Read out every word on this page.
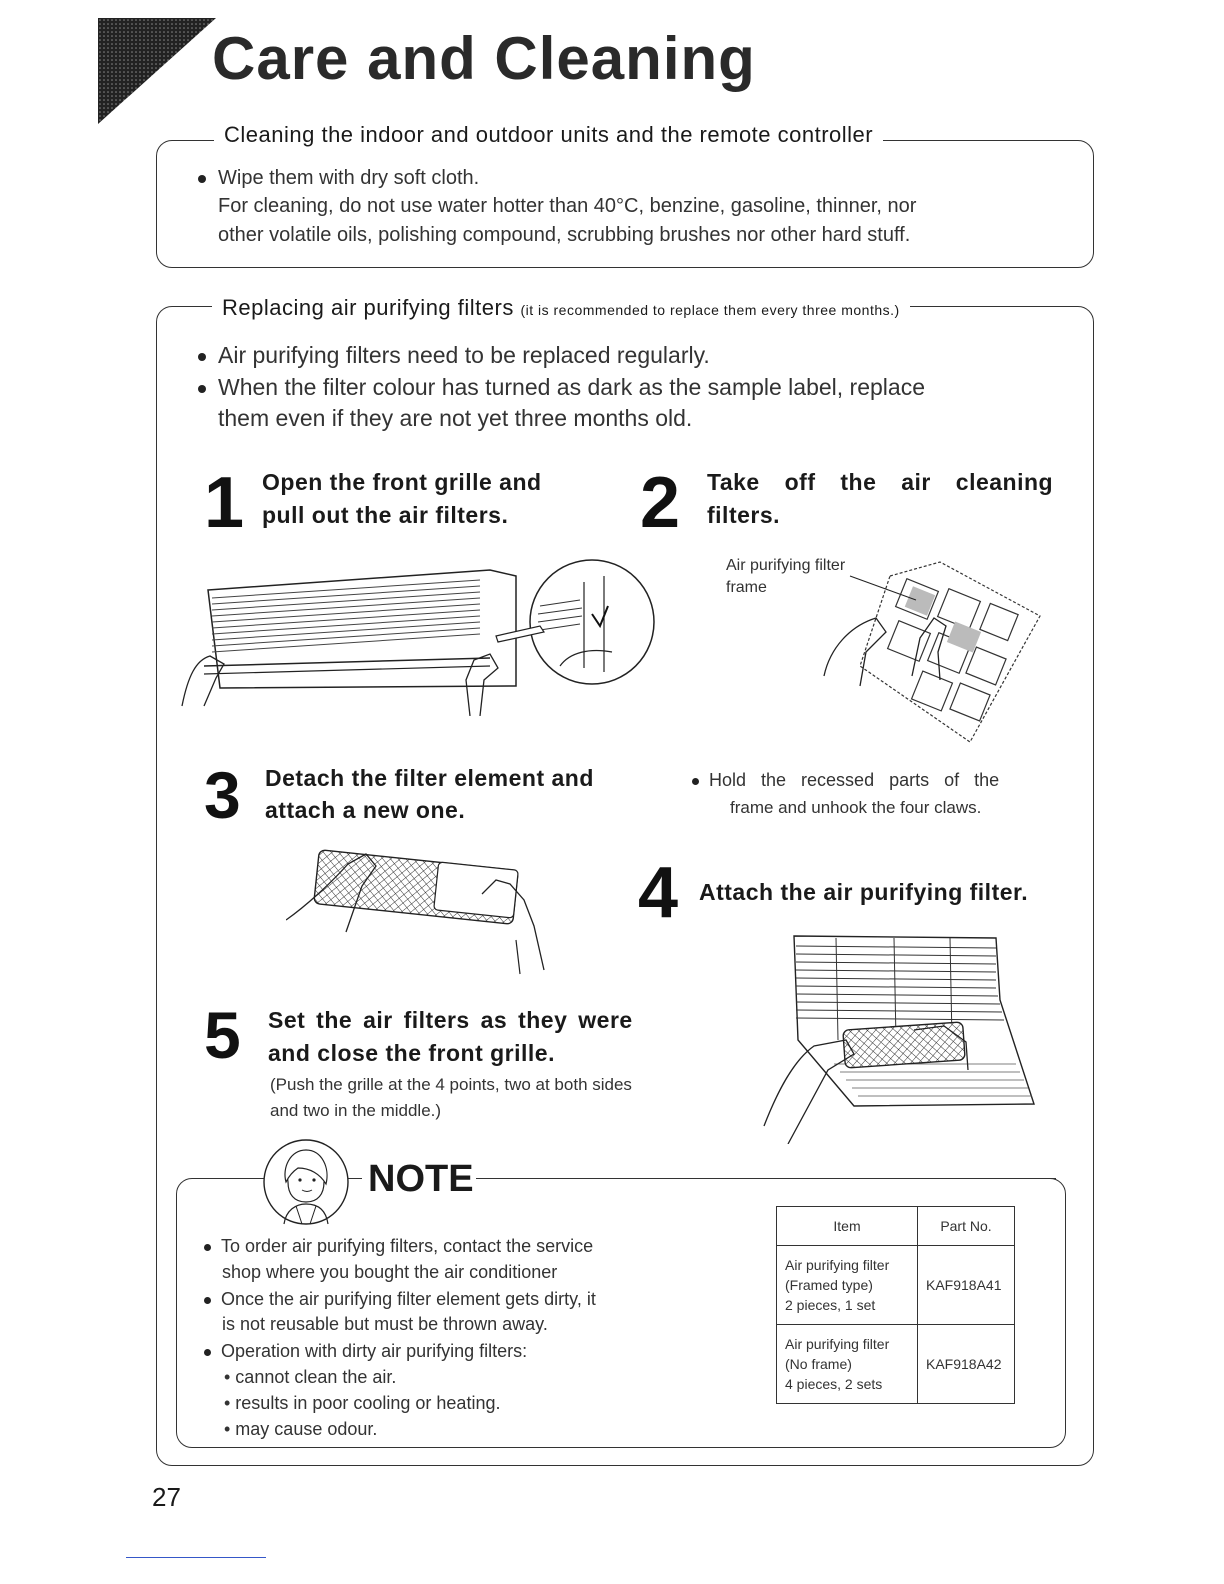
Care and Cleaning
Cleaning the indoor and outdoor units and the remote controller
Wipe them with dry soft cloth.
For cleaning, do not use water hotter than 40°C, benzine, gasoline, thinner, nor
other volatile oils, polishing compound, scrubbing brushes nor other hard stuff.
Replacing air purifying filters (it is recommended to replace them every three months.)
Air purifying filters need to be replaced regularly.
When the filter colour has turned as dark as the sample label, replace
them even if they are not yet three months old.
1 Open the front grille and
pull out the air filters. 2 Take off the air cleaning
filters.
Air purifying filter
frame
3 Detach the filter element and
attach a new one.
Hold the recessed parts of the
frame and unhook the four claws.
4 Attach the air purifying filter.
5 Set the air filters as they were
and close the front grille.
(Push the grille at the 4 points, two at both sides
and two in the middle.)
NOTE
To order air purifying filters, contact the service
shop where you bought the air conditioner
Once the air purifying filter element gets dirty, it
is not reusable but must be thrown away.
Operation with dirty air purifying filters:
• cannot clean the air.
• results in poor cooling or heating.
• may cause odour.
Item	Part No.

Air purifying filter
(Framed type)
2 pieces, 1 set	KAF918A41

Air purifying filter
(No frame)
4 pieces, 2 sets	KAF918A42
27
